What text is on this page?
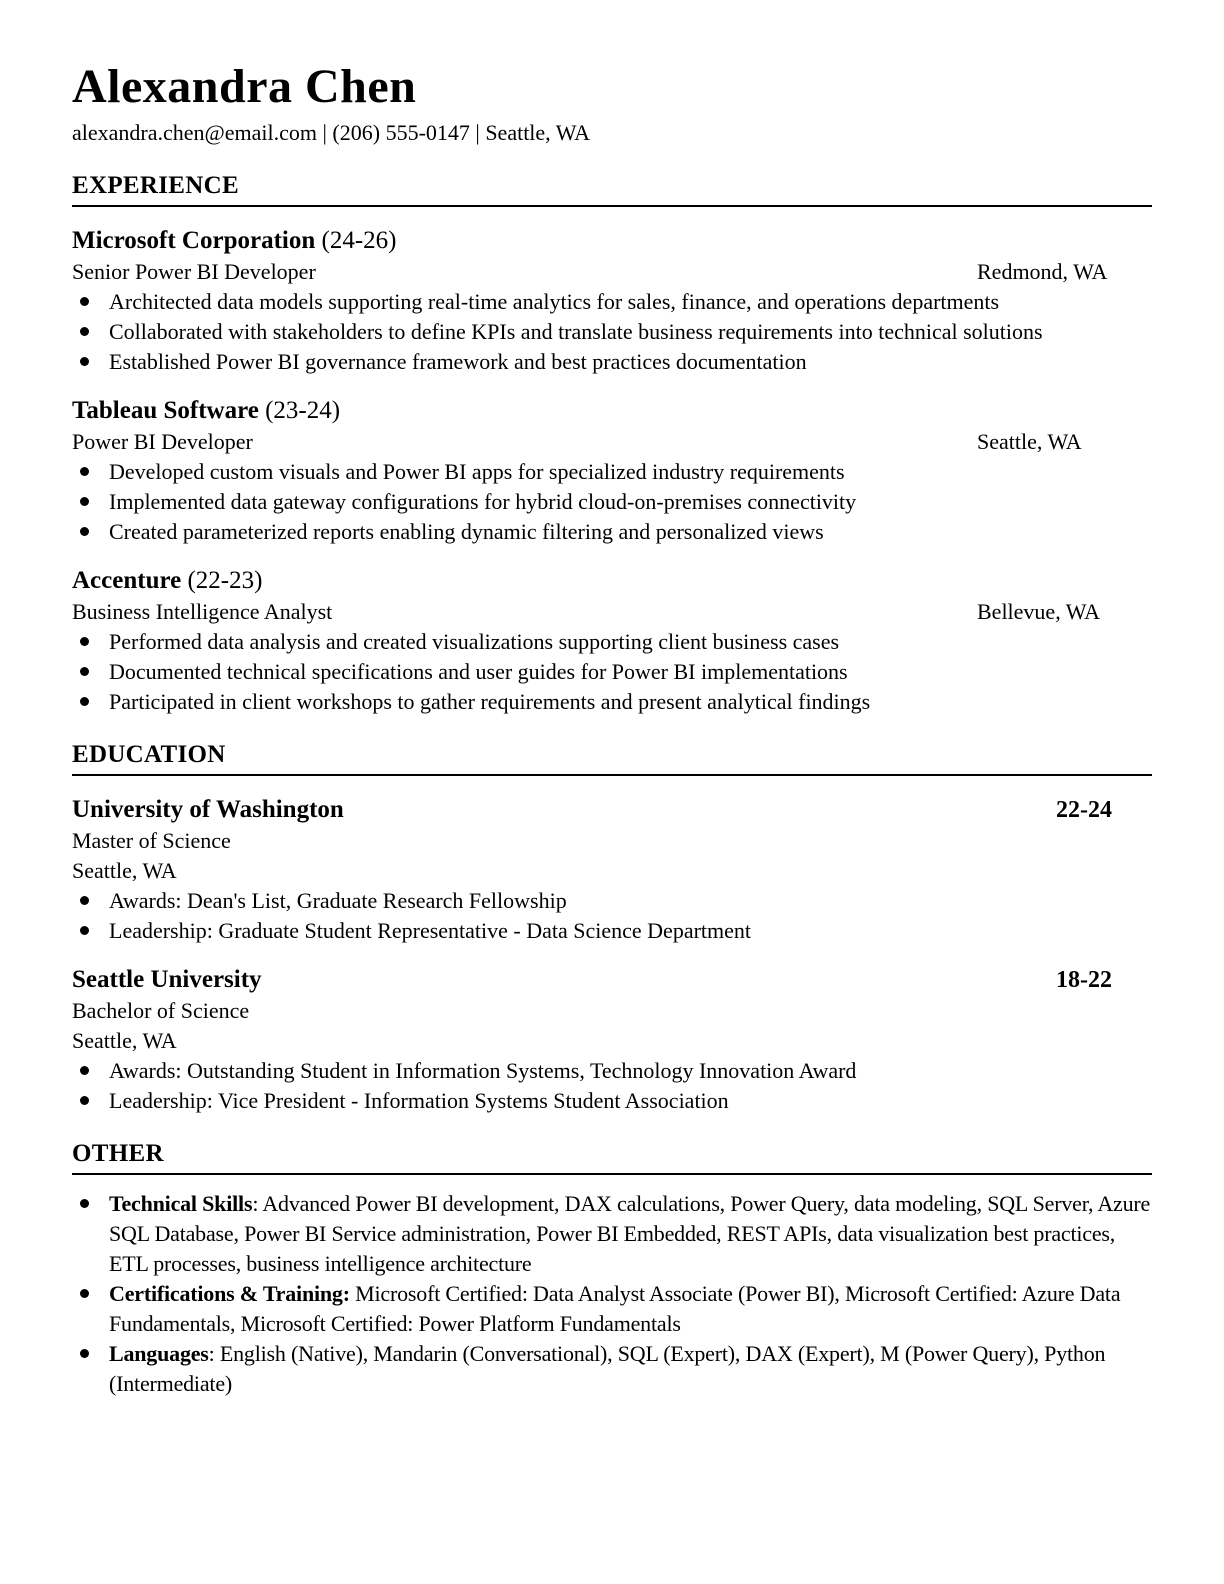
Alexandra Chen
alexandra.chen@email.com | (206) 555-0147 | Seattle, WA
EXPERIENCE
Microsoft Corporation (24-26)
Senior Power BI Developer	Redmond, WA
Architected data models supporting real-time analytics for sales, finance, and operations departments
Collaborated with stakeholders to define KPIs and translate business requirements into technical solutions
Established Power BI governance framework and best practices documentation
Tableau Software (23-24)
Power BI Developer	Seattle, WA
Developed custom visuals and Power BI apps for specialized industry requirements
Implemented data gateway configurations for hybrid cloud-on-premises connectivity
Created parameterized reports enabling dynamic filtering and personalized views
Accenture (22-23)
Business Intelligence Analyst	Bellevue, WA
Performed data analysis and created visualizations supporting client business cases
Documented technical specifications and user guides for Power BI implementations
Participated in client workshops to gather requirements and present analytical findings
EDUCATION
University of Washington	22-24
Master of Science
Seattle, WA
Awards: Dean's List, Graduate Research Fellowship
Leadership: Graduate Student Representative - Data Science Department
Seattle University	18-22
Bachelor of Science
Seattle, WA
Awards: Outstanding Student in Information Systems, Technology Innovation Award
Leadership: Vice President - Information Systems Student Association
OTHER
Technical Skills: Advanced Power BI development, DAX calculations, Power Query, data modeling, SQL Server, Azure SQL Database, Power BI Service administration, Power BI Embedded, REST APIs, data visualization best practices, ETL processes, business intelligence architecture
Certifications & Training: Microsoft Certified: Data Analyst Associate (Power BI), Microsoft Certified: Azure Data Fundamentals, Microsoft Certified: Power Platform Fundamentals
Languages: English (Native), Mandarin (Conversational), SQL (Expert), DAX (Expert), M (Power Query), Python (Intermediate)
